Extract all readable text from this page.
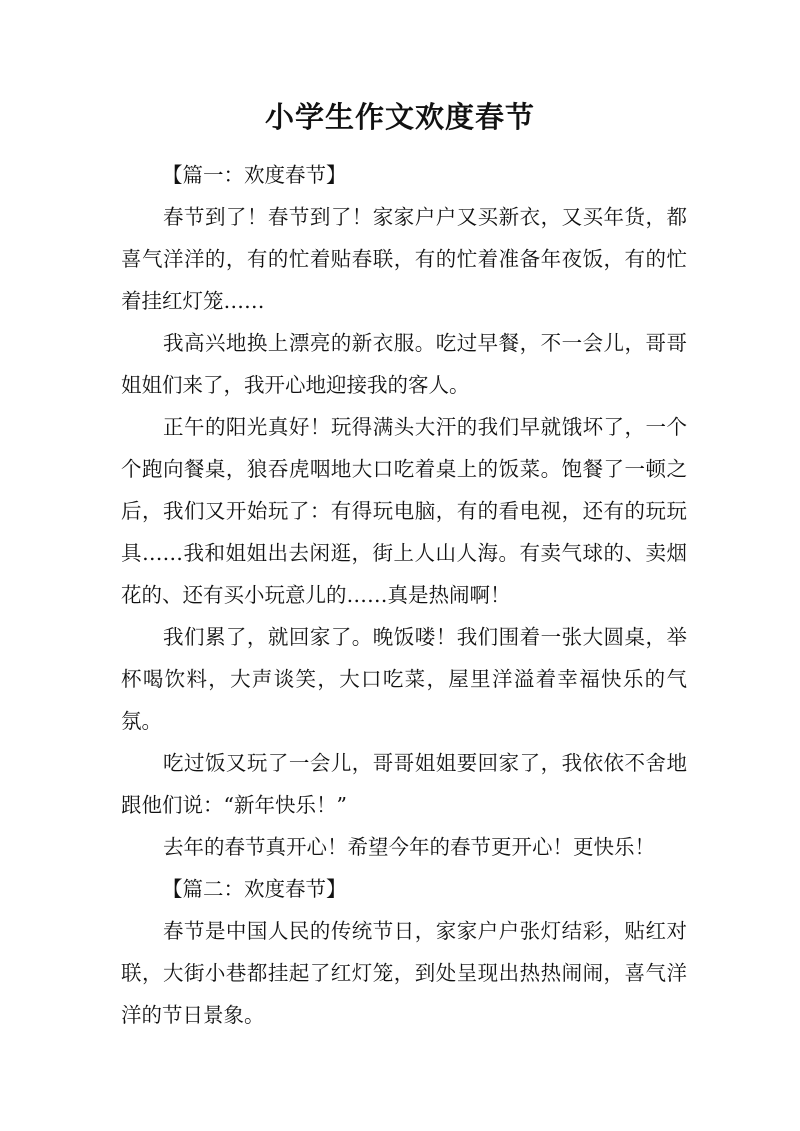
小学生作文欢度春节

【篇一：欢度春节】

春节到了！春节到了！家家户户又买新衣，又买年货，都喜气洋洋的，有的忙着贴春联，有的忙着准备年夜饭，有的忙着挂红灯笼……

我高兴地换上漂亮的新衣服。吃过早餐，不一会儿，哥哥姐姐们来了，我开心地迎接我的客人。

正午的阳光真好！玩得满头大汗的我们早就饿坏了，一个个跑向餐桌，狼吞虎咽地大口吃着桌上的饭菜。饱餐了一顿之后，我们又开始玩了：有得玩电脑，有的看电视，还有的玩玩具……我和姐姐出去闲逛，街上人山人海。有卖气球的、卖烟花的、还有买小玩意儿的……真是热闹啊！

我们累了，就回家了。晚饭喽！我们围着一张大圆桌，举杯喝饮料，大声谈笑，大口吃菜，屋里洋溢着幸福快乐的气氛。

吃过饭又玩了一会儿，哥哥姐姐要回家了，我依依不舍地跟他们说：“新年快乐！”

去年的春节真开心！希望今年的春节更开心！更快乐！

【篇二：欢度春节】

春节是中国人民的传统节日，家家户户张灯结彩，贴红对联，大街小巷都挂起了红灯笼，到处呈现出热热闹闹，喜气洋洋的节日景象。
